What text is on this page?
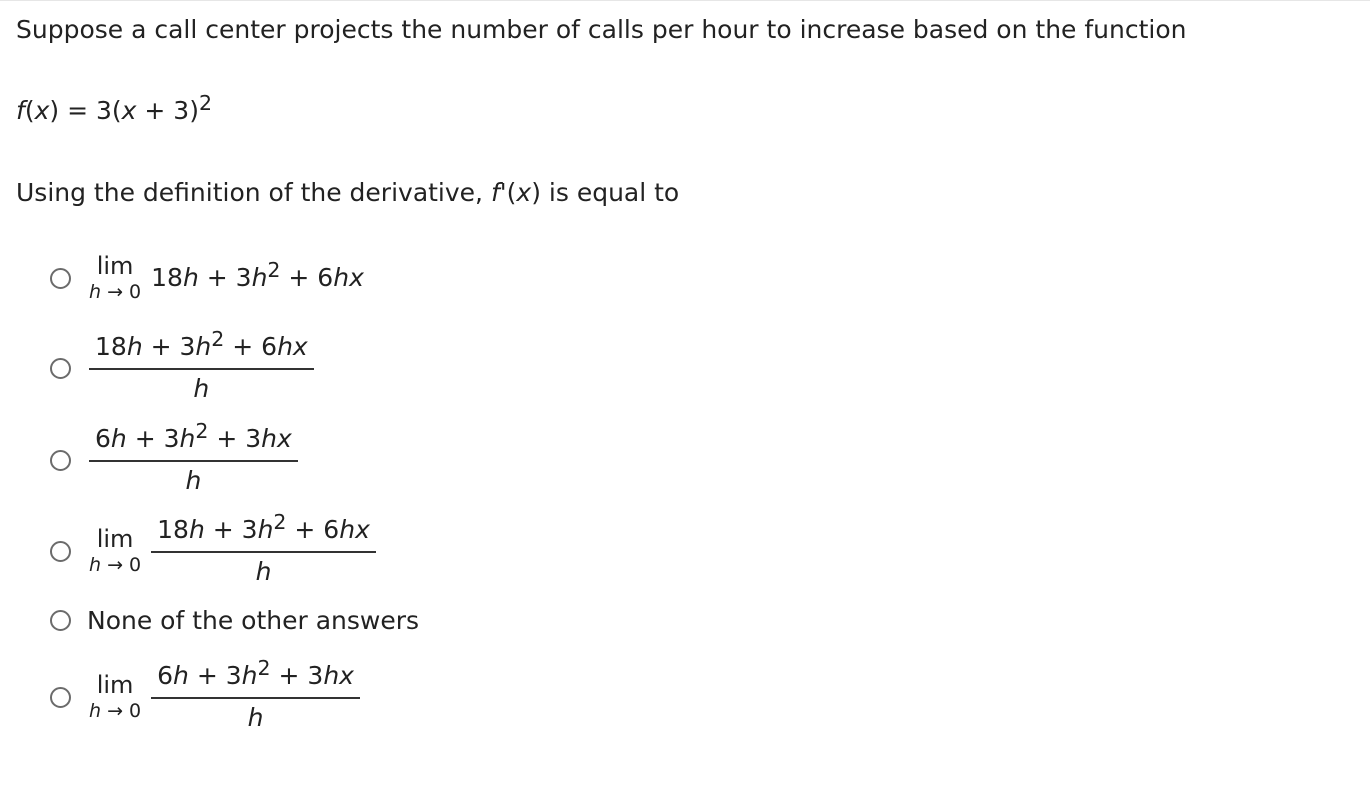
Suppose a call center projects the number of calls per hour to increase based on the function
$f(x) = 3(x + 3)^2$
Using the definition of the derivative, f'(x) is equal to
lim
h → 0 $18h + 3h^2 + 6hx$
$\frac{18h + 3h^2 + 6hx}{h}$
$\frac{6h + 3h^2 + 3hx}{h}$
lim
$h \to 0 \frac{18h + 3h^2 + 6hx}{h}$
None of the other answers
lim
$h \to 0 \frac{6h + 3h^2 + 3hx}{h}$
